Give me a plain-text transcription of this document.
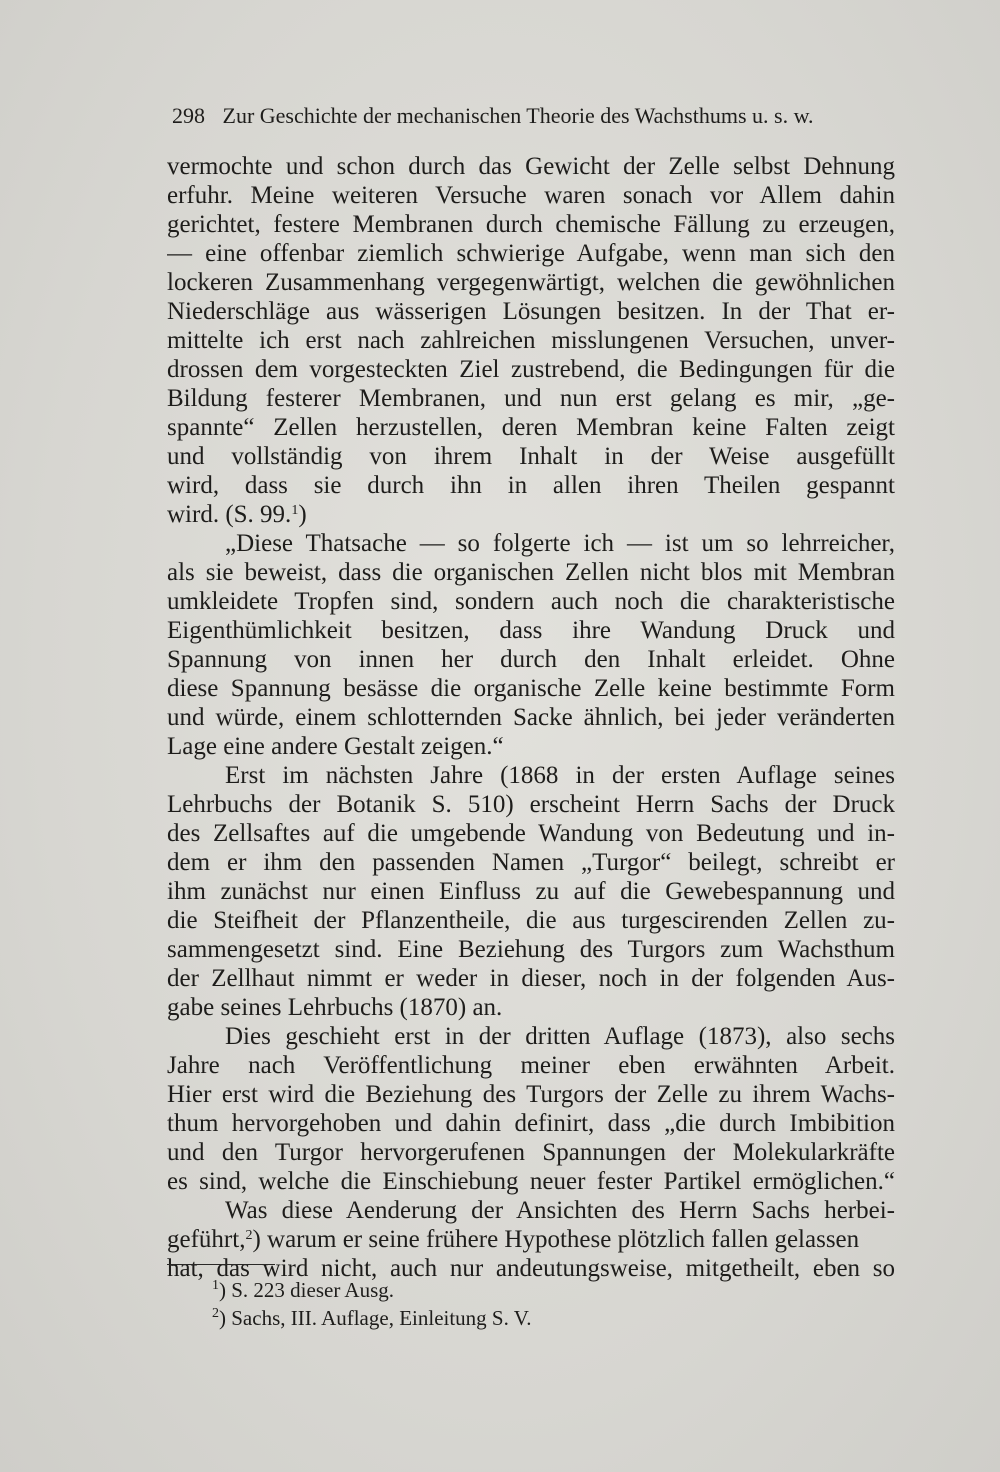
298 Zur Geschichte der mechanischen Theorie des Wachsthums u. s. w.
vermochte und schon durch das Gewicht der Zelle selbst Dehnung
erfuhr. Meine weiteren Versuche waren sonach vor Allem dahin
gerichtet, festere Membranen durch chemische Fällung zu erzeugen,
— eine offenbar ziemlich schwierige Aufgabe, wenn man sich den
lockeren Zusammenhang vergegenwärtigt, welchen die gewöhnlichen
Niederschläge aus wässerigen Lösungen besitzen. In der That er-
mittelte ich erst nach zahlreichen misslungenen Versuchen, unver-
drossen dem vorgesteckten Ziel zustrebend, die Bedingungen für die
Bildung festerer Membranen, und nun erst gelang es mir, „ge-
spannte“ Zellen herzustellen, deren Membran keine Falten zeigt
und vollständig von ihrem Inhalt in der Weise ausgefüllt
wird, dass sie durch ihn in allen ihren Theilen gespannt
wird. (S. 99.$^1$)
„Diese Thatsache — so folgerte ich — ist um so lehrreicher,
als sie beweist, dass die organischen Zellen nicht blos mit Membran
umkleidete Tropfen sind, sondern auch noch die charakteristische
Eigenthümlichkeit besitzen, dass ihre Wandung Druck und
Spannung von innen her durch den Inhalt erleidet. Ohne
diese Spannung besässe die organische Zelle keine bestimmte Form
und würde, einem schlotternden Sacke ähnlich, bei jeder veränderten
Lage eine andere Gestalt zeigen.“
Erst im nächsten Jahre (1868 in der ersten Auflage seines
Lehrbuchs der Botanik S. 510) erscheint Herrn Sachs der Druck
des Zellsaftes auf die umgebende Wandung von Bedeutung und in-
dem er ihm den passenden Namen „Turgor“ beilegt, schreibt er
ihm zunächst nur einen Einfluss zu auf die Gewebespannung und
die Steifheit der Pflanzentheile, die aus turgescirenden Zellen zu-
sammengesetzt sind. Eine Beziehung des Turgors zum Wachsthum
der Zellhaut nimmt er weder in dieser, noch in der folgenden Aus-
gabe seines Lehrbuchs (1870) an.
Dies geschieht erst in der dritten Auflage (1873), also sechs
Jahre nach Veröffentlichung meiner eben erwähnten Arbeit.
Hier erst wird die Beziehung des Turgors der Zelle zu ihrem Wachs-
thum hervorgehoben und dahin definirt, dass „die durch Imbibition
und den Turgor hervorgerufenen Spannungen der Molekularkräfte
es sind, welche die Einschiebung neuer fester Partikel ermöglichen.“
Was diese Aenderung der Ansichten des Herrn Sachs herbei-
geführt,$^2$) warum er seine frühere Hypothese plötzlich fallen gelassen
hat, das wird nicht, auch nur andeutungsweise, mitgetheilt, eben so
$^1$) S. 223 dieser Ausg.
$^2$) Sachs, III. Auflage, Einleitung S. V.
